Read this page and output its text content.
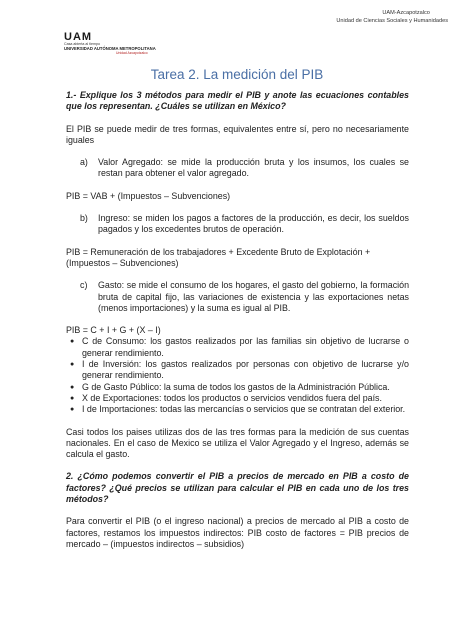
UAM-Azcapotzalco
Unidad de Ciencias Sociales y Humanidades
UAM
Casa abierta al tiempo
UNIVERSIDAD AUTÓNOMA METROPOLITANA
Unidad Azcapotzalco
Tarea 2. La medición del PIB

1.- Explique los 3 métodos para medir el PIB y anote las ecuaciones contables que los representan. ¿Cuáles se utilizan en México?

El PIB se puede medir de tres formas, equivalentes entre sí, pero no necesariamente iguales

a)	Valor Agregado: se mide la producción bruta y los insumos, los cuales se restan para obtener el valor agregado.

PIB = VAB + (Impuestos – Subvenciones)

b)	Ingreso: se miden los pagos a factores de la producción, es decir, los sueldos pagados y los excedentes brutos de operación.

PIB = Remuneración de los trabajadores + Excedente Bruto de Explotación + (Impuestos – Subvenciones)

c)	Gasto: se mide el consumo de los hogares, el gasto del gobierno, la formación bruta de capital fijo, las variaciones de existencia y las exportaciones netas (menos importaciones) y la suma es igual al PIB.

PIB = C + I + G + (X – I)

● C de Consumo: los gastos realizados por las familias sin objetivo de lucrarse o generar rendimiento.
● I de Inversión: los gastos realizados por personas con objetivo de lucrarse y/o generar rendimiento.
● G de Gasto Público: la suma de todos los gastos de la Administración Pública.
● X de Exportaciones: todos los productos o servicios vendidos fuera del país.
● I de Importaciones: todas las mercancías o servicios que se contratan del exterior.

Casi todos los paises utilizas dos de las tres formas para la medición de sus cuentas nacionales. En el caso de Mexico se utiliza el Valor Agregado y el Ingreso, además se calcula el gasto.

2. ¿Cómo podemos convertir el PIB a precios de mercado en PIB a costo de factores? ¿Qué precios se utilizan para calcular el PIB en cada uno de los tres métodos?

Para convertir el PIB (o el ingreso nacional) a precios de mercado al PIB a costo de factores, restamos los impuestos indirectos: PIB costo de factores = PIB precios de mercado – (impuestos indirectos – subsidios)
